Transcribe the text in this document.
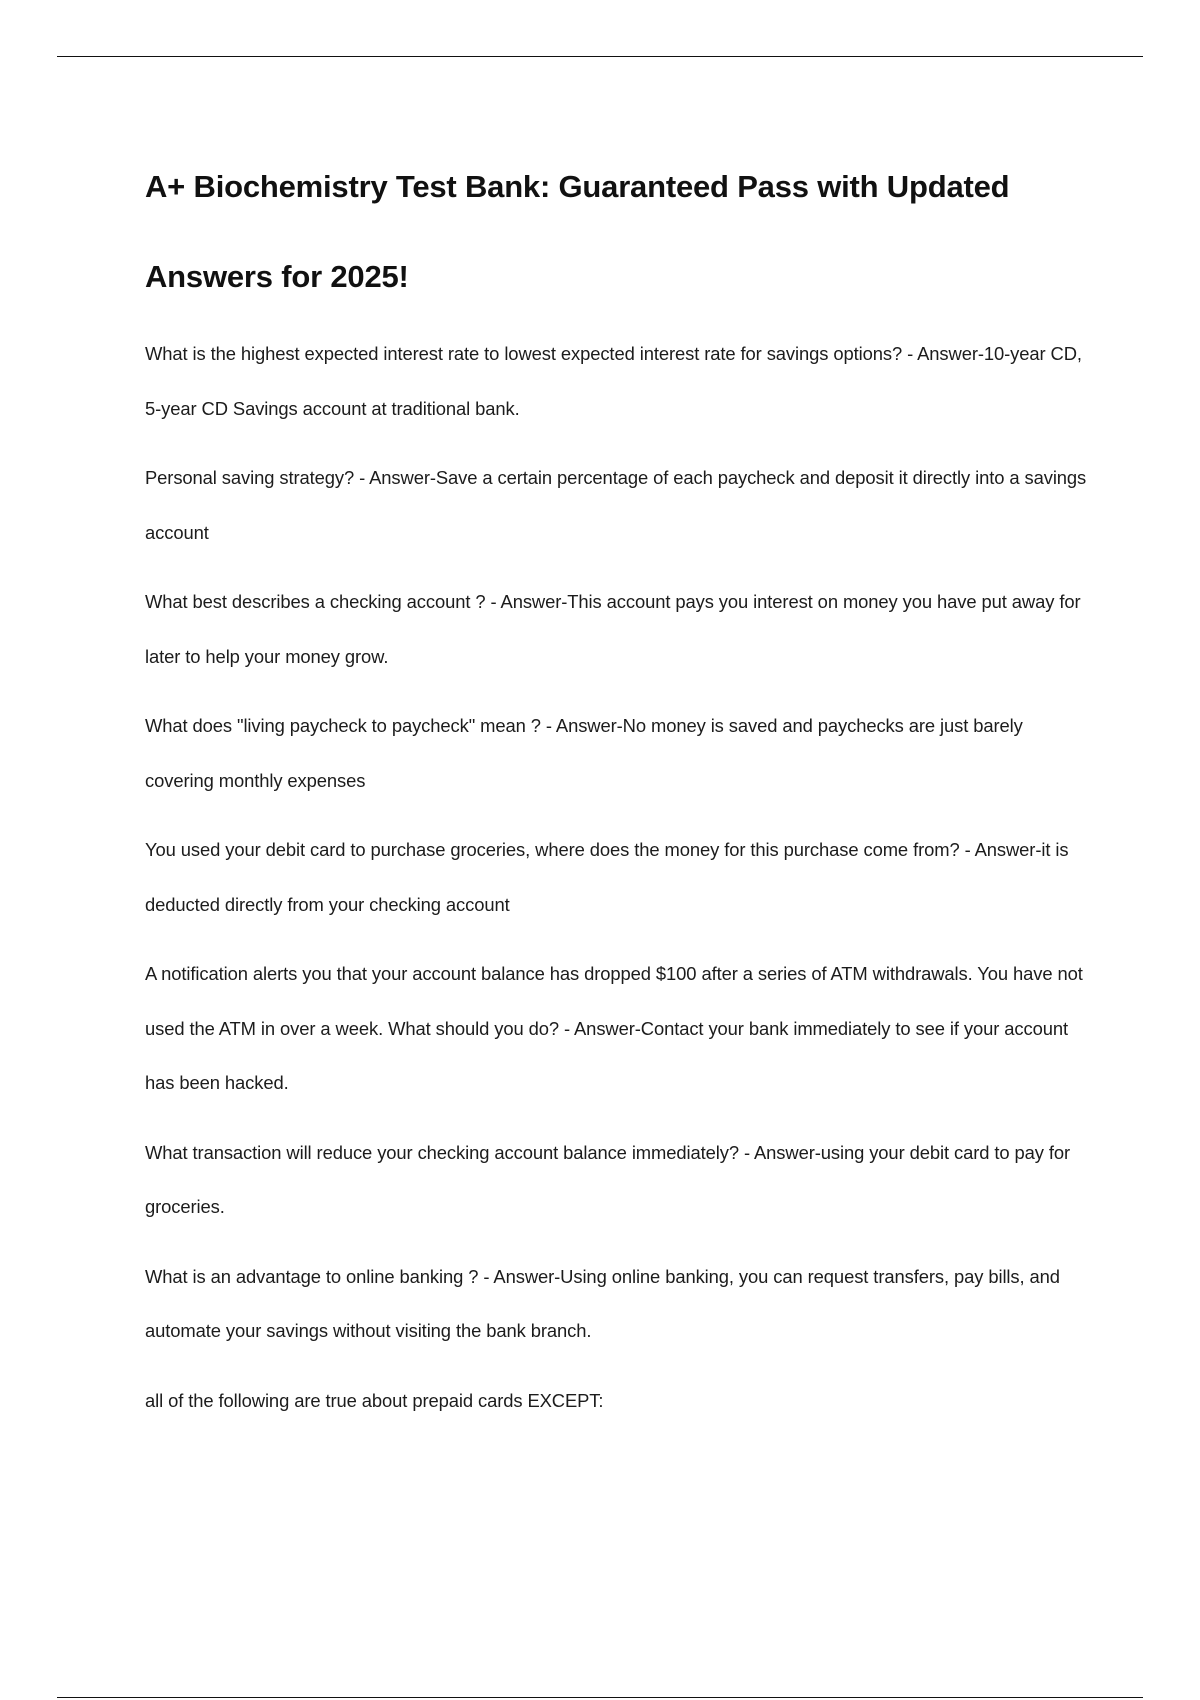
A+ Biochemistry Test Bank: Guaranteed Pass with Updated Answers for 2025!

What is the highest expected interest rate to lowest expected interest rate for savings options? - Answer-10-year CD, 5-year CD Savings account at traditional bank.

Personal saving strategy? - Answer-Save a certain percentage of each paycheck and deposit it directly into a savings account

What best describes a checking account ? - Answer-This account pays you interest on money you have put away for later to help your money grow.

What does "living paycheck to paycheck" mean ? - Answer-No money is saved and paychecks are just barely covering monthly expenses

You used your debit card to purchase groceries, where does the money for this purchase come from? - Answer-it is deducted directly from your checking account

A notification alerts you that your account balance has dropped $100 after a series of ATM withdrawals. You have not used the ATM in over a week. What should you do? - Answer-Contact your bank immediately to see if your account has been hacked.

What transaction will reduce your checking account balance immediately? - Answer-using your debit card to pay for groceries.

What is an advantage to online banking ? - Answer-Using online banking, you can request transfers, pay bills, and automate your savings without visiting the bank branch.

all of the following are true about prepaid cards EXCEPT:
